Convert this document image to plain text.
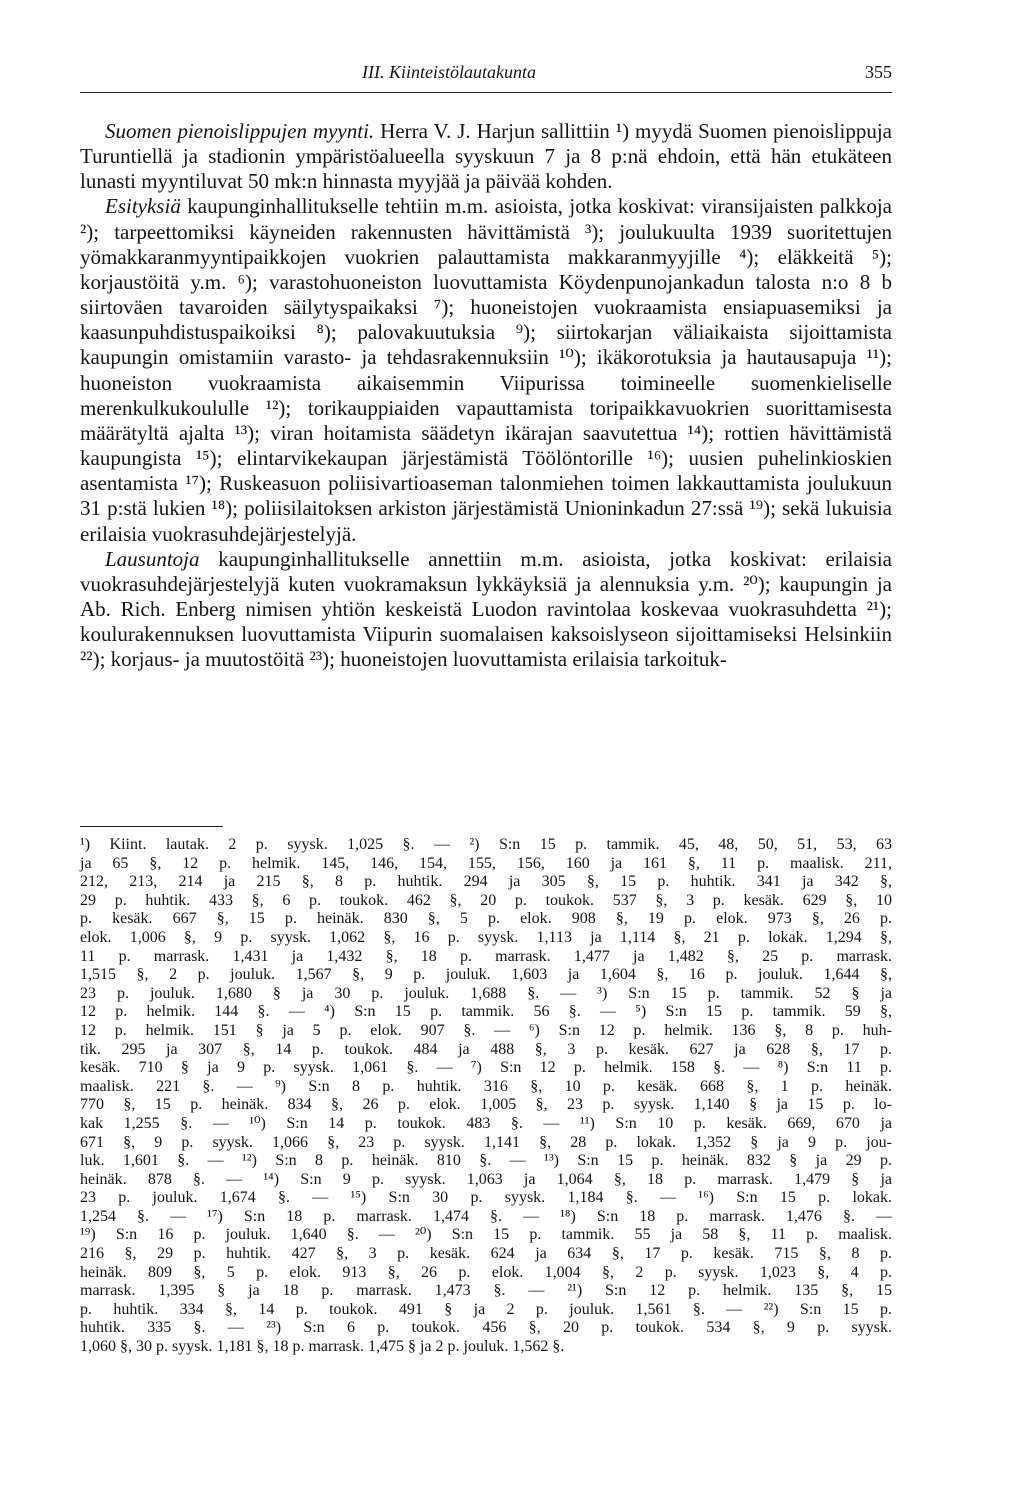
III. Kiinteistölautakunta	355

Suomen pienoislippujen myynti. Herra V. J. Harjun sallittiin ¹) myydä Suomen pienoislippuja Turuntiellä ja stadionin ympäristöalueella syyskuun 7 ja 8 p:nä ehdoin, että hän etukäteen lunasti myyntiluvat 50 mk:n hinnasta myyjää ja päivää kohden.

Esityksiä kaupunginhallitukselle tehtiin m.m. asioista, jotka koskivat: viransijaisten palkkoja ²); tarpeettomiksi käyneiden rakennusten hävittämistä ³); joulukuulta 1939 suoritettujen yömakkaranmyyntipaikkojen vuokrien palauttamista makkaranmyyjille ⁴); eläkkeitä ⁵); korjaustöitä y.m. ⁶); varastohuoneiston luovuttamista Köydenpunojankadun talosta n:o 8 b siirtoväen tavaroiden säilytyspaikaksi ⁷); huoneistojen vuokraamista ensiapuasemiksi ja kaasunpuhdistuspaikoiksi ⁸); palovakuutuksia ⁹); siirtokarjan väliaikaista sijoittamista kaupungin omistamiin varasto- ja tehdasrakennuksiin ¹⁰); ikäkorotuksia ja hautausapuja ¹¹); huoneiston vuokraamista aikaisemmin Viipurissa toimineelle suomenkieliselle merenkulkukoululle ¹²); torikauppiaiden vapauttamista toripaikkavuokrien suorittamisesta määrätyltä ajalta ¹³); viran hoitamista säädetyn ikärajan saavutettua ¹⁴); rottien hävittämistä kaupungista ¹⁵); elintarvikekaupan järjestämistä Töölöntorille ¹⁶); uusien puhelinkioskien asentamista ¹⁷); Ruskeasuon poliisivartioaseman talonmiehen toimen lakkauttamista joulukuun 31 p:stä lukien ¹⁸); poliisilaitoksen arkiston järjestämistä Unioninkadun 27:ssä ¹⁹); sekä lukuisia erilaisia vuokrasuhdejärjestelyjä.

Lausuntoja kaupunginhallitukselle annettiin m.m. asioista, jotka koskivat: erilaisia vuokrasuhdejärjestelyjä kuten vuokramaksun lykkäyksiä ja alennuksia y.m. ²⁰); kaupungin ja Ab. Rich. Enberg nimisen yhtiön keskeistä Luodon ravintolaa koskevaa vuokrasuhdetta ²¹); koulurakennuksen luovuttamista Viipurin suomalaisen kaksoislyseon sijoittamiseksi Helsinkiin ²²); korjaus- ja muutostöitä ²³); huoneistojen luovuttamista erilaisia tarkoituk-

¹) Kiint. lautak. 2 p. syysk. 1,025 §. — ²) S:n 15 p. tammik. 45, 48, 50, 51, 53, 63
ja 65 §, 12 p. helmik. 145, 146, 154, 155, 156, 160 ja 161 §, 11 p. maalisk. 211,
212, 213, 214 ja 215 §, 8 p. huhtik. 294 ja 305 §, 15 p. huhtik. 341 ja 342 §,
29 p. huhtik. 433 §, 6 p. toukok. 462 §, 20 p. toukok. 537 §, 3 p. kesäk. 629 §, 10
p. kesäk. 667 §, 15 p. heinäk. 830 §, 5 p. elok. 908 §, 19 p. elok. 973 §, 26 p.
elok. 1,006 §, 9 p. syysk. 1,062 §, 16 p. syysk. 1,113 ja 1,114 §, 21 p. lokak. 1,294 §,
11 p. marrask. 1,431 ja 1,432 §, 18 p. marrask. 1,477 ja 1,482 §, 25 p. marrask.
1,515 §, 2 p. jouluk. 1,567 §, 9 p. jouluk. 1,603 ja 1,604 §, 16 p. jouluk. 1,644 §,
23 p. jouluk. 1,680 § ja 30 p. jouluk. 1,688 §. — ³) S:n 15 p. tammik. 52 § ja
12 p. helmik. 144 §. — ⁴) S:n 15 p. tammik. 56 §. — ⁵) S:n 15 p. tammik. 59 §,
12 p. helmik. 151 § ja 5 p. elok. 907 §. — ⁶) S:n 12 p. helmik. 136 §, 8 p. huh-
tik. 295 ja 307 §, 14 p. toukok. 484 ja 488 §, 3 p. kesäk. 627 ja 628 §, 17 p.
kesäk. 710 § ja 9 p. syysk. 1,061 §. — ⁷) S:n 12 p. helmik. 158 §. — ⁸) S:n 11 p.
maalisk. 221 §. — ⁹) S:n 8 p. huhtik. 316 §, 10 p. kesäk. 668 §, 1 p. heinäk.
770 §, 15 p. heinäk. 834 §, 26 p. elok. 1,005 §, 23 p. syysk. 1,140 § ja 15 p. lo-
kak 1,255 §. — ¹⁰) S:n 14 p. toukok. 483 §. — ¹¹) S:n 10 p. kesäk. 669, 670 ja
671 §, 9 p. syysk. 1,066 §, 23 p. syysk. 1,141 §, 28 p. lokak. 1,352 § ja 9 p. jou-
luk. 1,601 §. — ¹²) S:n 8 p. heinäk. 810 §. — ¹³) S:n 15 p. heinäk. 832 § ja 29 p.
heinäk. 878 §. — ¹⁴) S:n 9 p. syysk. 1,063 ja 1,064 §, 18 p. marrask. 1,479 § ja
23 p. jouluk. 1,674 §. — ¹⁵) S:n 30 p. syysk. 1,184 §. — ¹⁶) S:n 15 p. lokak.
1,254 §. — ¹⁷) S:n 18 p. marrask. 1,474 §. — ¹⁸) S:n 18 p. marrask. 1,476 §. —
¹⁹) S:n 16 p. jouluk. 1,640 §. — ²⁰) S:n 15 p. tammik. 55 ja 58 §, 11 p. maalisk.
216 §, 29 p. huhtik. 427 §, 3 p. kesäk. 624 ja 634 §, 17 p. kesäk. 715 §, 8 p.
heinäk. 809 §, 5 p. elok. 913 §, 26 p. elok. 1,004 §, 2 p. syysk. 1,023 §, 4 p.
marrask. 1,395 § ja 18 p. marrask. 1,473 §. — ²¹) S:n 12 p. helmik. 135 §, 15
p. huhtik. 334 §, 14 p. toukok. 491 § ja 2 p. jouluk. 1,561 §. — ²²) S:n 15 p.
huhtik. 335 §. — ²³) S:n 6 p. toukok. 456 §, 20 p. toukok. 534 §, 9 p. syysk.
1,060 §, 30 p. syysk. 1,181 §, 18 p. marrask. 1,475 § ja 2 p. jouluk. 1,562 §.
